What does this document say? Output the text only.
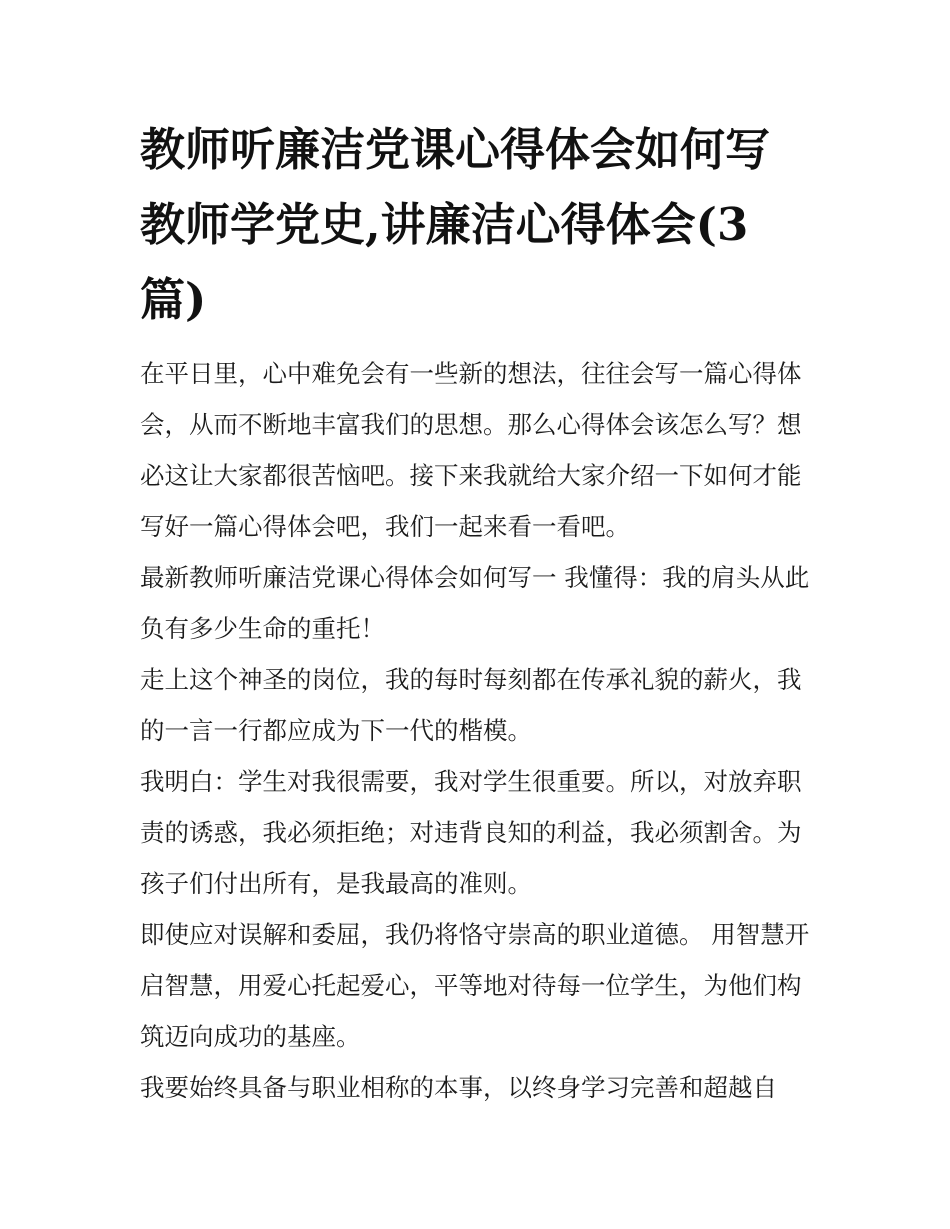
教师听廉洁党课心得体会如何写 教师学党史,讲廉洁心得体会(3篇)

在平日里，心中难免会有一些新的想法，往往会写一篇心得体会，从而不断地丰富我们的思想。那么心得体会该怎么写？想必这让大家都很苦恼吧。接下来我就给大家介绍一下如何才能写好一篇心得体会吧，我们一起来看一看吧。

最新教师听廉洁党课心得体会如何写一 我懂得：我的肩头从此负有多少生命的重托！

走上这个神圣的岗位，我的每时每刻都在传承礼貌的薪火，我的一言一行都应成为下一代的楷模。

我明白：学生对我很需要，我对学生很重要。所以，对放弃职责的诱惑，我必须拒绝；对违背良知的利益，我必须割舍。为孩子们付出所有，是我最高的准则。

即使应对误解和委屈，我仍将恪守崇高的职业道德。 用智慧开启智慧，用爱心托起爱心，平等地对待每一位学生，为他们构筑迈向成功的基座。

我要始终具备与职业相称的本事，以终身学习完善和超越自
